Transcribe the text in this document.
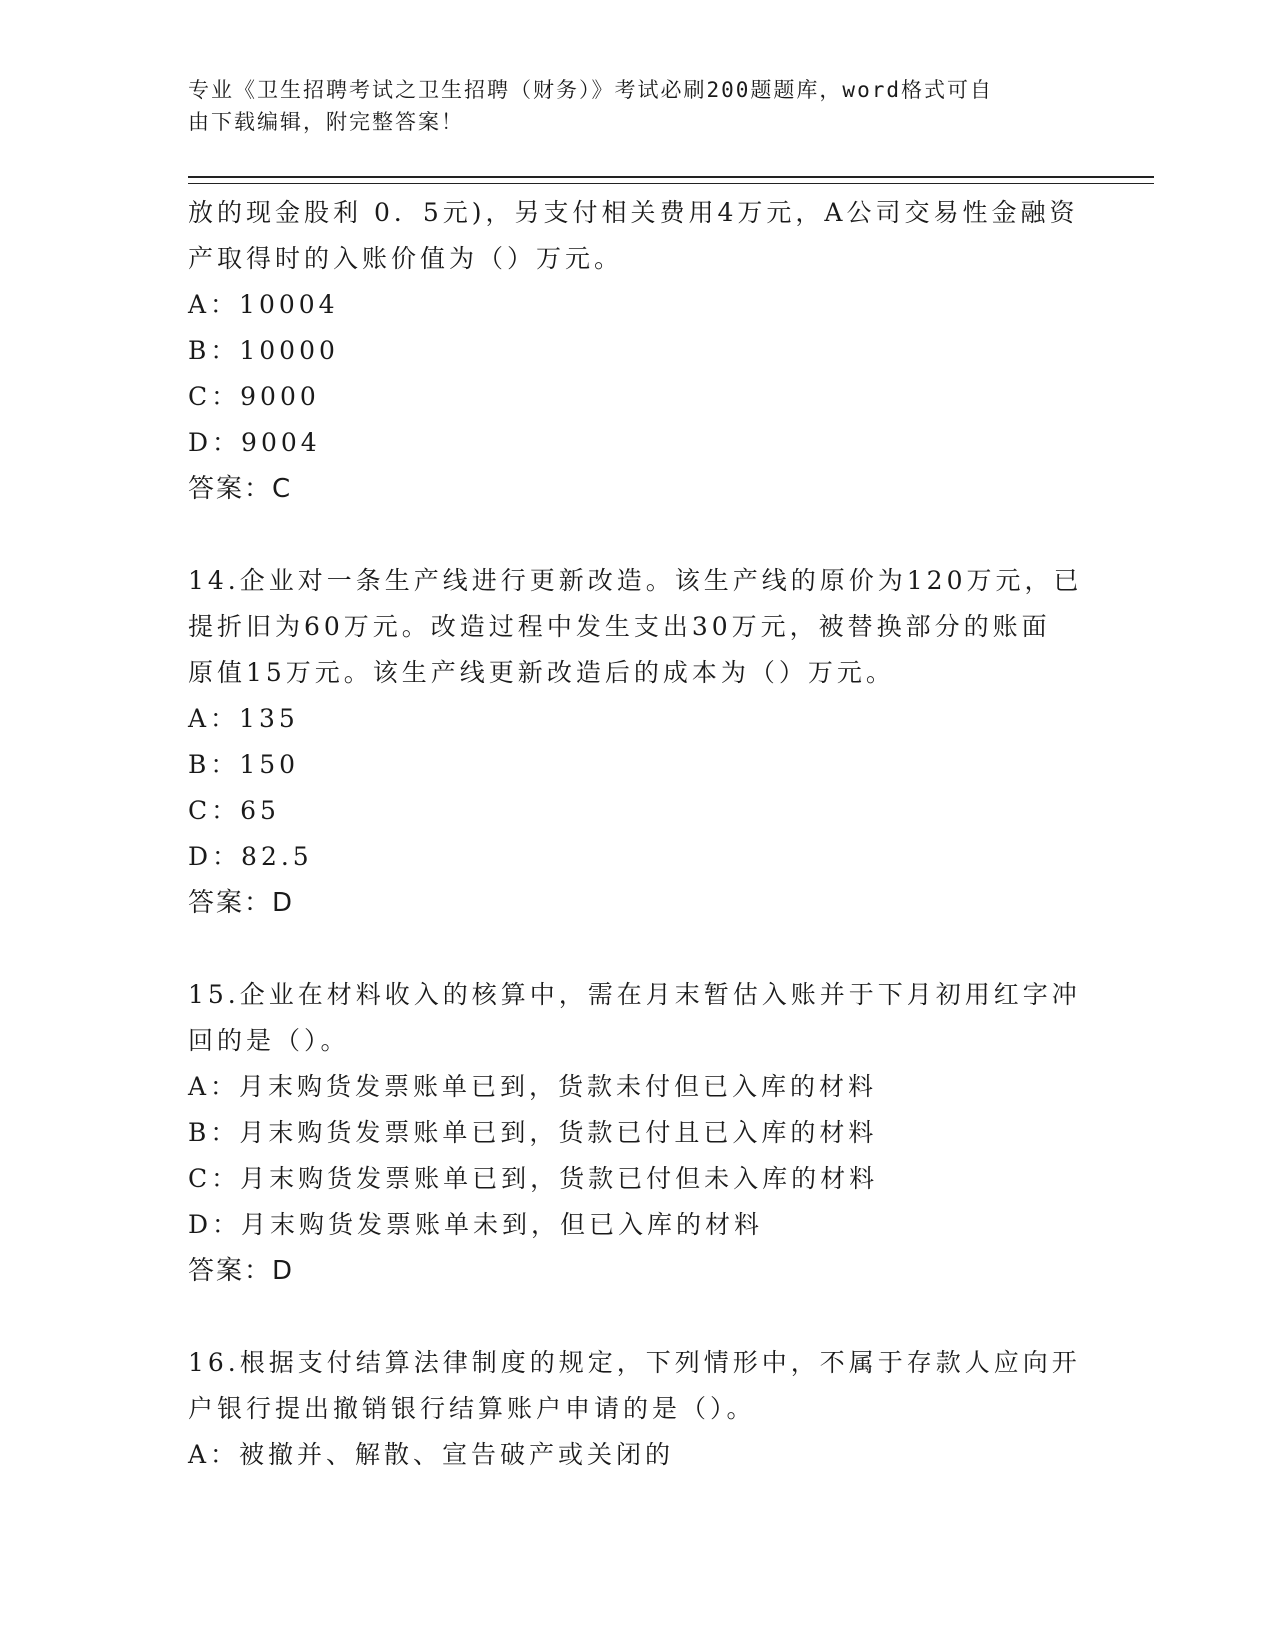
专业《卫生招聘考试之卫生招聘（财务）》考试必刷200题题库，word格式可自
由下载编辑，附完整答案！

放的现金股利 0．5元)，另支付相关费用4万元，A公司交易性金融资

产取得时的入账价值为（）万元。

A：10004

B：10000

C：9000

D：9004

答案：C

14.企业对一条生产线进行更新改造。该生产线的原价为120万元，已

提折旧为60万元。改造过程中发生支出30万元，被替换部分的账面

原值15万元。该生产线更新改造后的成本为（）万元。

A：135

B：150

C：65

D：82.5

答案：D

15.企业在材料收入的核算中，需在月末暂估入账并于下月初用红字冲

回的是（）。

A：月末购货发票账单已到，货款未付但已入库的材料

B：月末购货发票账单已到，货款已付且已入库的材料

C：月末购货发票账单已到，货款已付但未入库的材料

D：月末购货发票账单未到，但已入库的材料

答案：D

16.根据支付结算法律制度的规定，下列情形中，不属于存款人应向开

户银行提出撤销银行结算账户申请的是（）。

A：被撤并、解散、宣告破产或关闭的
